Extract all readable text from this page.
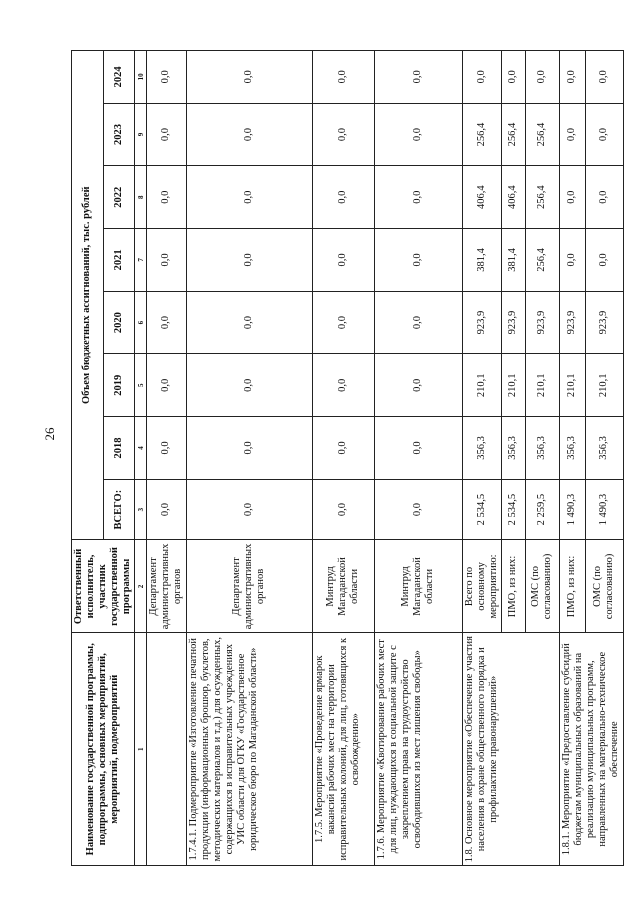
26
Наименование государственной программы, подпрограммы, основных мероприятий, мероприятий, подмероприятий	Ответственный исполнитель, участник государственной программы	Объем бюджетных ассигнований, тыс. рублей							
		ВСЕГО:	2018	2019	2020	2021	2022	2023	2024
1	2	3	4	5	6	7	8	9	10
	Департамент административных органов	0,0	0,0	0,0	0,0	0,0	0,0	0,0	0,0
1.7.4.1. Подмероприятие «Изготовление печатной продукции (информационных брошюр, буклетов, методических материалов и т.д.) для осужденных, содержащихся в исправительных учреждениях УИС области для ОГКУ «Государственное юридическое бюро по Магаданской области»	Департамент административных органов	0,0	0,0	0,0	0,0	0,0	0,0	0,0	0,0
1.7.5. Мероприятие «Проведение ярмарок вакансий рабочих мест на территории исправительных колоний, для лиц, готовящихся к освобождению»	Минтруд Магаданской области	0,0	0,0	0,0	0,0	0,0	0,0	0,0	0,0
1.7.6. Мероприятие «Квотирование рабочих мест для лиц, нуждающихся в социальной защите с закреплением права на трудоустройство освободившихся из мест лишения свободы»	Минтруд Магаданской области	0,0	0,0	0,0	0,0	0,0	0,0	0,0	0,0
1.8. Основное мероприятие «Обеспечение участия населения в охране общественного порядка и профилактике правонарушений»	Всего по основному мероприятию:	2 534,5	356,3	210,1	923,9	381,4	406,4	256,4	0,0
	ПМО, из них:	2 534,5	356,3	210,1	923,9	381,4	406,4	256,4	0,0
	ОМС (по согласованию)	2 259,5	356,3	210,1	923,9	256,4	256,4	256,4	0,0
1.8.1. Мероприятие «Предоставление субсидий бюджетам муниципальных образований на реализацию муниципальных программ, направленных на материально-техническое обеспечение	ПМО, из них:	1 490,3	356,3	210,1	923,9	0,0	0,0	0,0	0,0
	ОМС (по согласованию)	1 490,3	356,3	210,1	923,9	0,0	0,0	0,0	0,0
